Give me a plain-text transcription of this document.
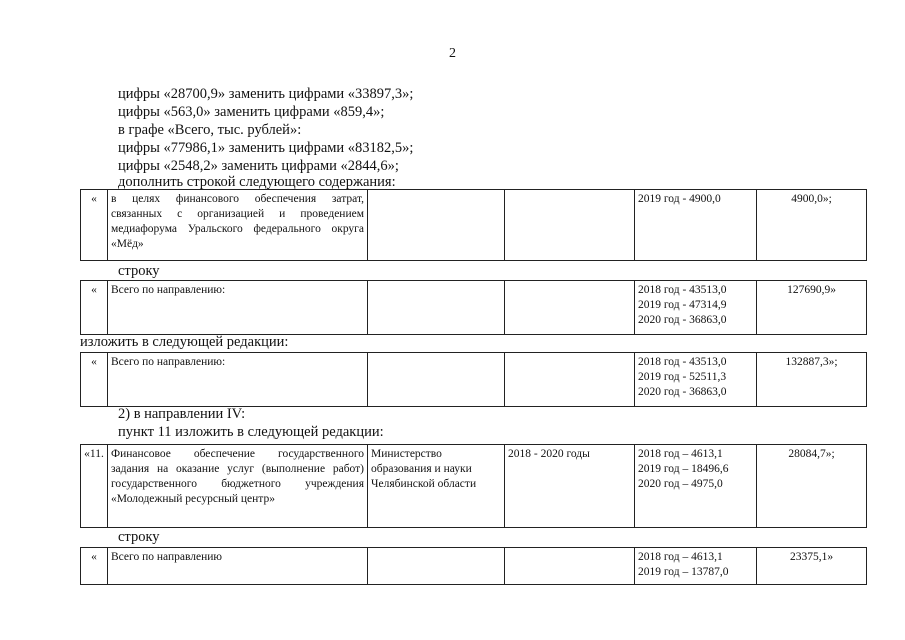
2
цифры «28700,9» заменить цифрами «33897,3»;
цифры «563,0» заменить цифрами «859,4»;
в графе «Всего, тыс. рублей»:
цифры «77986,1» заменить цифрами «83182,5»;
цифры «2548,2» заменить цифрами «2844,6»;
дополнить строкой следующего содержания:
«	в целях финансового обеспечения затрат, связанных с организацией и проведением медиафорума Уральского федерального округа «Мёд»			2019 год - 4900,0	4900,0»;
строку
«	Всего по направлению:			2018 год - 43513,0
2019 год - 47314,9
2020 год - 36863,0	127690,9»
изложить в следующей редакции:
«	Всего по направлению:			2018 год - 43513,0
2019 год - 52511,3
2020 год - 36863,0	132887,3»;
2) в направлении IV:
пункт 11 изложить в следующей редакции:
«11.	Финансовое обеспечение государственного задания на оказание услуг (выполнение работ) государственного бюджетного учреждения «Молодежный ресурсный центр»	Министерство образования и науки Челябинской области	2018 - 2020 годы	2018 год – 4613,1
2019 год – 18496,6
2020 год – 4975,0	28084,7»;
строку
«	Всего по направлению			2018 год – 4613,1
2019 год – 13787,0	23375,1»
